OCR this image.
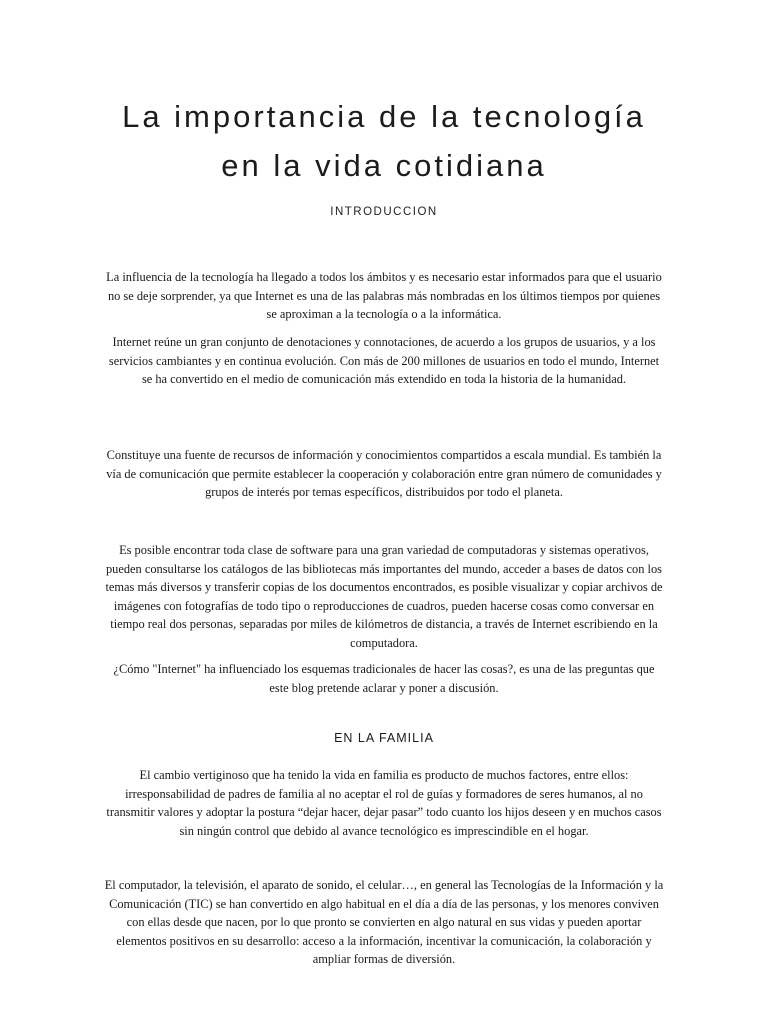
La importancia de la tecnología
en la vida cotidiana
INTRODUCCION

La influencia de la tecnología ha llegado a todos los ámbitos y es necesario estar informados para que el usuario no se deje sorprender, ya que Internet es una de las palabras más nombradas en los últimos tiempos por quienes se aproximan a la tecnología o a la informática.

Internet reúne un gran conjunto de denotaciones y connotaciones, de acuerdo a los grupos de usuarios, y a los servicios cambiantes y en continua evolución. Con más de 200 millones de usuarios en todo el mundo, Internet se ha convertido en el medio de comunicación más extendido en toda la historia de la humanidad.

Constituye una fuente de recursos de información y conocimientos compartidos a escala mundial. Es también la vía de comunicación que permite establecer la cooperación y colaboración entre gran número de comunidades y grupos de interés por temas específicos, distribuidos por todo el planeta.

Es posible encontrar toda clase de software para una gran variedad de computadoras y sistemas operativos, pueden consultarse los catálogos de las bibliotecas más importantes del mundo, acceder a bases de datos con los temas más diversos y transferir copias de los documentos encontrados, es posible visualizar y copiar archivos de imágenes con fotografías de todo tipo o reproducciones de cuadros, pueden hacerse cosas como conversar en tiempo real dos personas, separadas por miles de kilómetros de distancia, a través de Internet escribiendo en la computadora.

¿Cómo "Internet" ha influenciado los esquemas tradicionales de hacer las cosas?, es una de las preguntas que este blog pretende aclarar y poner a discusión.

EN LA FAMILIA

El cambio vertiginoso que ha tenido la vida en familia es producto de muchos factores, entre ellos: irresponsabilidad de padres de familia al no aceptar el rol de guías y formadores de seres humanos, al no transmitir valores y adoptar la postura “dejar hacer, dejar pasar” todo cuanto los hijos deseen y en muchos casos sin ningún control que debido al avance tecnológico es imprescindible en el hogar.

El computador, la televisión, el aparato de sonido, el celular…, en general las Tecnologías de la Información y la Comunicación (TIC) se han convertido en algo habitual en el día a día de las personas, y los menores conviven con ellas desde que nacen, por lo que pronto se convierten en algo natural en sus vidas y pueden aportar elementos positivos en su desarrollo: acceso a la información, incentivar la comunicación, la colaboración y ampliar formas de diversión.
